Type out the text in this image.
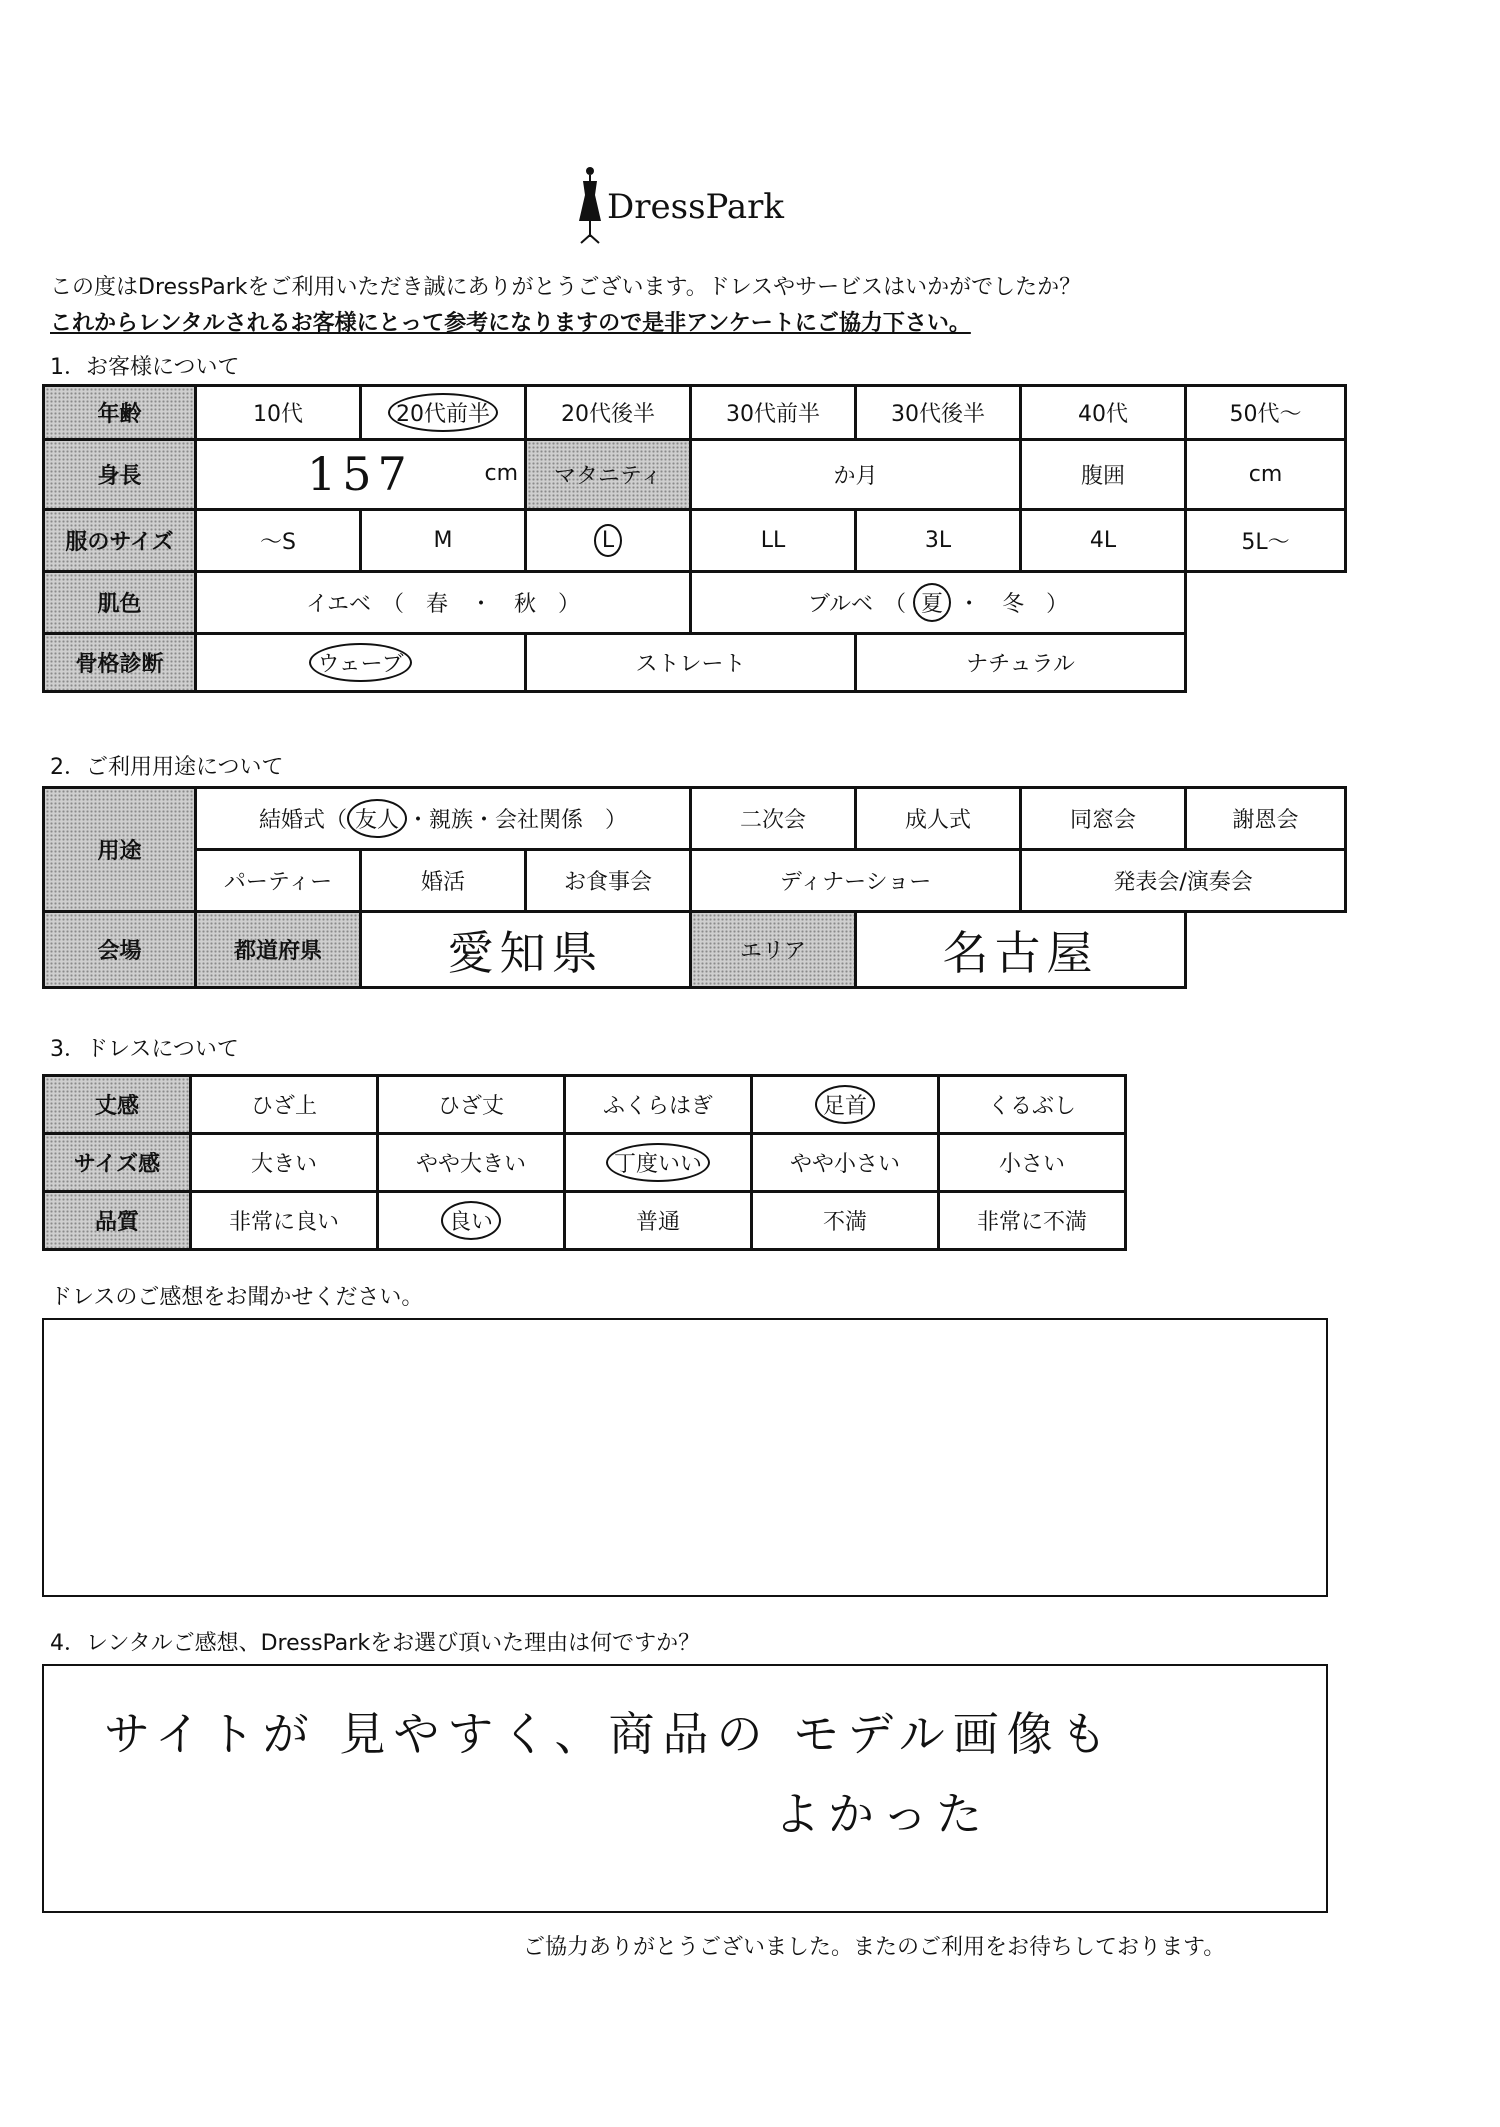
DressPark
この度はDressParkをご利用いただき誠にありがとうございます。ドレスやサービスはいかがでしたか？
これからレンタルされるお客様にとって参考になりますので是非アンケートにご協力下さい。
1．お客様について
年齢	10代	20代前半	20代後半	30代前半	30代後半	40代	50代～
身長	157 cm		マタニティ	か月		腹囲	cm
服のサイズ	～S	M	L	LL	3L	4L	5L～
肌色	イエベ　（　春　・　秋　）			ブルベ　（ 夏 ・　冬　）			
骨格診断	ウェーブ		ストレート		ナチュラル		
2．ご利用用途について
用途	結婚式（ 友人 ・親族・会社関係　）			二次会	成人式	同窓会	謝恩会
	パーティー	婚活	お食事会	ディナーショー		発表会/演奏会	
会場	都道府県	愛知県		エリア	名古屋		
3．ドレスについて
丈感	ひざ上	ひざ丈	ふくらはぎ	足首	くるぶし
サイズ感	大きい	やや大きい	丁度いい	やや小さい	小さい
品質	非常に良い	良い	普通	不満	非常に不満
ドレスのご感想をお聞かせください。
4．レンタルご感想、DressParkをお選び頂いた理由は何ですか？
サイトが 見やすく、商品の モデル画像も
よかった
ご協力ありがとうございました。またのご利用をお待ちしております。
